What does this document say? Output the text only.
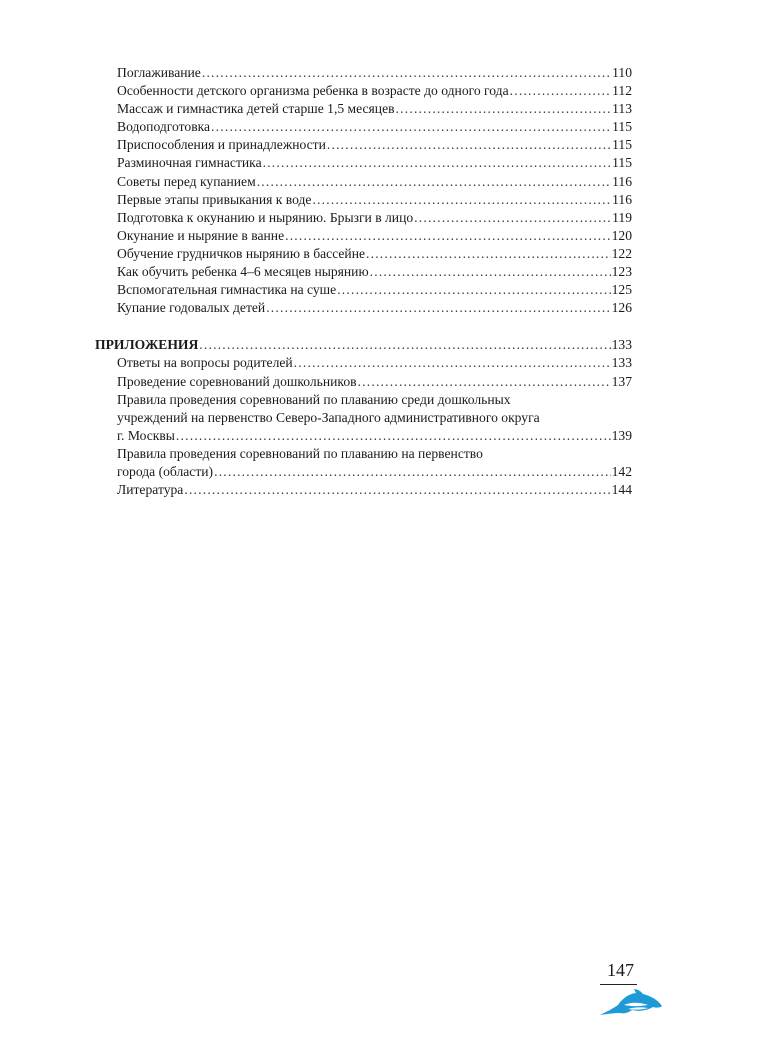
Поглаживание .....	110
Особенности детского организма ребенка в возрасте до одного года .....	112
Массаж и гимнастика детей старше 1,5 месяцев .....	113
Водоподготовка .....	115
Приспособления и принадлежности .....	115
Разминочная гимнастика .....	115
Советы перед купанием .....	116
Первые этапы привыкания к воде .....	116
Подготовка к окунанию и нырянию. Брызги в лицо .....	119
Окунание и ныряние в ванне .....	120
Обучение грудничков нырянию в бассейне .....	122
Как обучить ребенка 4–6 месяцев нырянию .....	123
Вспомогательная гимнастика на суше .....	125
Купание годовалых детей .....	126
ПРИЛОЖЕНИЯ .....	133
Ответы на вопросы родителей .....	133
Проведение соревнований дошкольников .....	137
Правила проведения соревнований по плаванию среди дошкольных
учреждений на первенство Северо-Западного административного округа
г. Москвы .....	139
Правила проведения соревнований по плаванию на первенство
города (области) .....	142
Литература .....	144
147
